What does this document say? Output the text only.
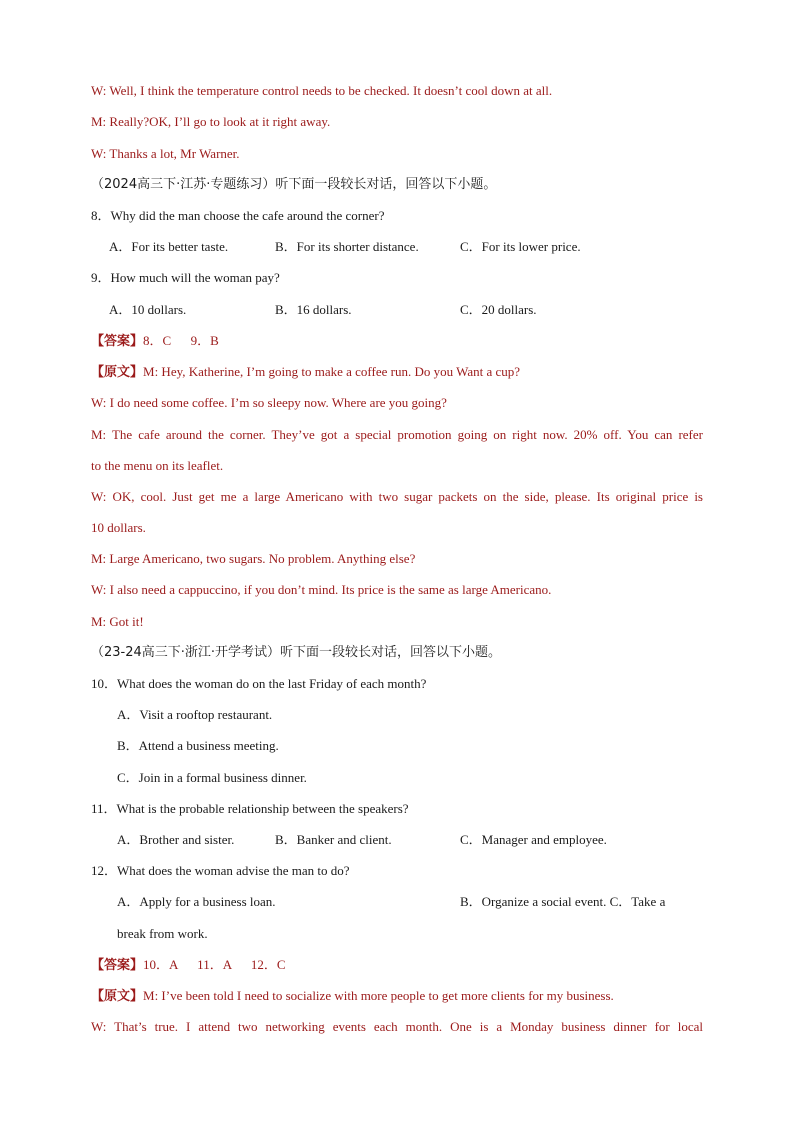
W: Well, I think the temperature control needs to be checked. It doesn’t cool down at all.
M: Really?OK, I’ll go to look at it right away.
W: Thanks a lot, Mr Warner.
（2024高三下·江苏·专题练习）听下面一段较长对话，回答以下小题。
8．Why did the man choose the cafe around the corner?
A．For its better taste.	B．For its shorter distance.	C．For its lower price.
9．How much will the woman pay?
A．10 dollars.	B．16 dollars.	C．20 dollars.
【答案】8．C      9．B
【原文】M: Hey, Katherine, I’m going to make a coffee run. Do you Want a cup?
W: I do need some coffee. I’m so sleepy now. Where are you going?
M: The cafe around the corner. They’ve got a special promotion going on right now. 20% off. You can refer
to the menu on its leaflet.
W: OK, cool. Just get me a large Americano with two sugar packets on the side, please. Its original price is
10 dollars.
M: Large Americano, two sugars. No problem. Anything else?
W: I also need a cappuccino, if you don’t mind. Its price is the same as large Americano.
M: Got it!
（23-24高三下·浙江·开学考试）听下面一段较长对话，回答以下小题。
10．What does the woman do on the last Friday of each month?
A．Visit a rooftop restaurant.
B．Attend a business meeting.
C．Join in a formal business dinner.
11．What is the probable relationship between the speakers?
A．Brother and sister.	B．Banker and client.	C．Manager and employee.
12．What does the woman advise the man to do?
A．Apply for a business loan.	B．Organize a social event. C．Take a
break from work.
【答案】10．A      11．A      12．C
【原文】M: I’ve been told I need to socialize with more people to get more clients for my business.
W: That’s true. I attend two networking events each month. One is a Monday business dinner for local
